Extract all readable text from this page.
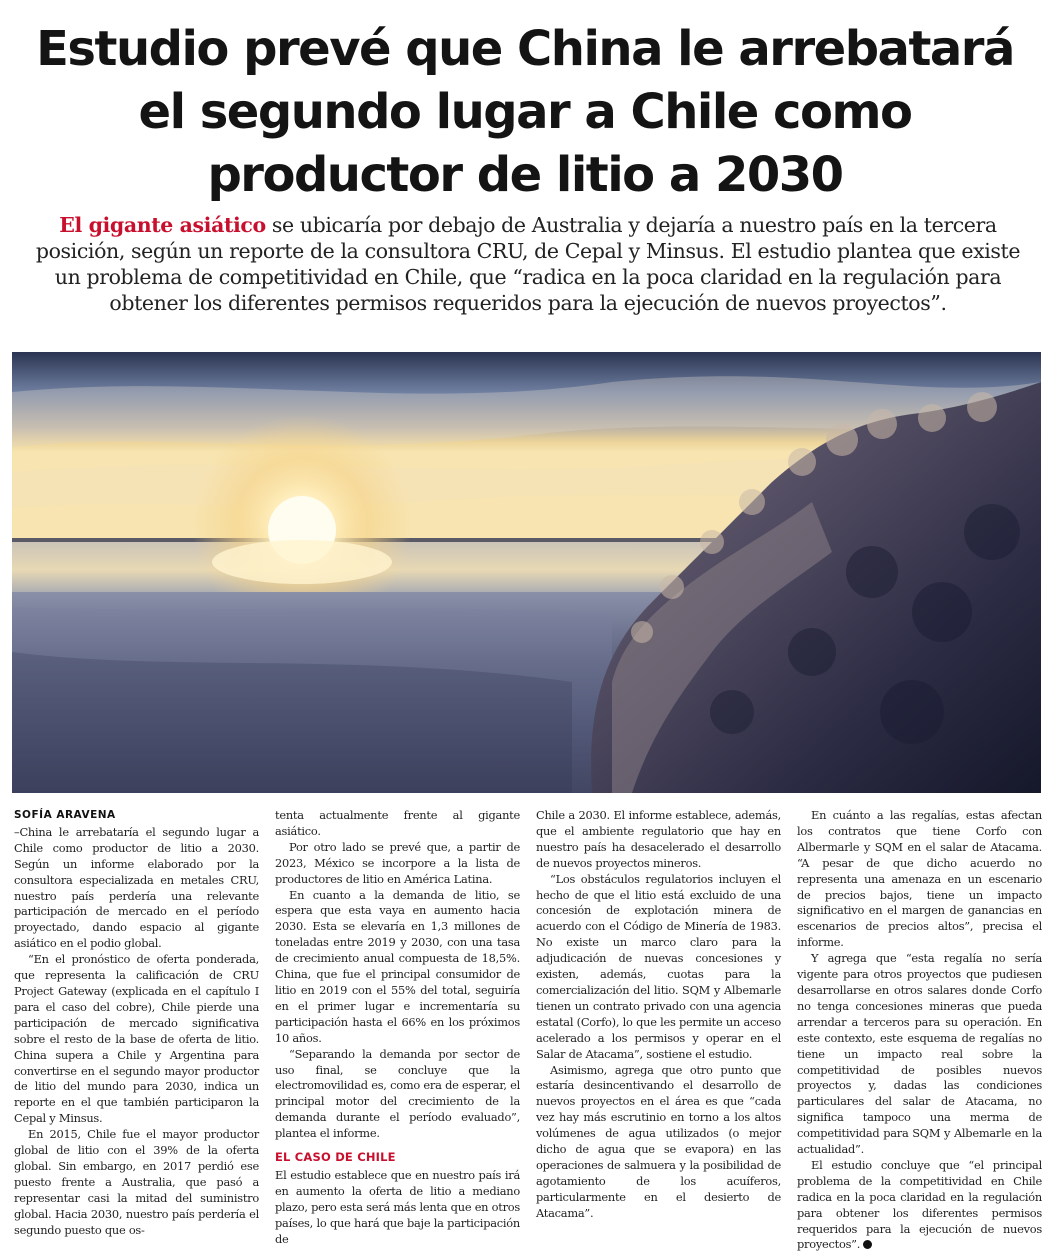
Estudio prevé que China le arrebatará el segundo lugar a Chile como productor de litio a 2030

El gigante asiático se ubicaría por debajo de Australia y dejaría a nuestro país en la tercera posición, según un reporte de la consultora CRU, de Cepal y Minsus. El estudio plantea que existe un problema de competitividad en Chile, que “radica en la poca claridad en la regulación para obtener los diferentes permisos requeridos para la ejecución de nuevos proyectos”.

SOFÍA ARAVENA

–China le arrebataría el segundo lugar a Chile como productor de litio a 2030. Según un informe elaborado por la consultora especializada en metales CRU, nuestro país perdería una relevante participación de mercado en el período proyectado, dando espacio al gigante asiático en el podio global.

“En el pronóstico de oferta ponderada, que representa la calificación de CRU Project Gateway (explicada en el capítulo I para el caso del cobre), Chile pierde una participación de mercado significativa sobre el resto de la base de oferta de litio. China supera a Chile y Argentina para convertirse en el segundo mayor productor de litio del mundo para 2030, indica un reporte en el que también participaron la Cepal y Minsus.

En 2015, Chile fue el mayor productor global de litio con el 39% de la oferta global. Sin embargo, en 2017 perdió ese puesto frente a Australia, que pasó a representar casi la mitad del suministro global. Hacia 2030, nuestro país perdería el segundo puesto que os-

tenta actualmente frente al gigante asiático.

Por otro lado se prevé que, a partir de 2023, México se incorpore a la lista de productores de litio en América Latina.

En cuanto a la demanda de litio, se espera que esta vaya en aumento hacia 2030. Esta se elevaría en 1,3 millones de toneladas entre 2019 y 2030, con una tasa de crecimiento anual compuesta de 18,5%. China, que fue el principal consumidor de litio en 2019 con el 55% del total, seguiría en el primer lugar e incrementaría su participación hasta el 66% en los próximos 10 años.

“Separando la demanda por sector de uso final, se concluye que la electromovilidad es, como era de esperar, el principal motor del crecimiento de la demanda durante el período evaluado”, plantea el informe.

EL CASO DE CHILE

El estudio establece que en nuestro país irá en aumento la oferta de litio a mediano plazo, pero esta será más lenta que en otros países, lo que hará que baje la participación de

Chile a 2030. El informe establece, además, que el ambiente regulatorio que hay en nuestro país ha desacelerado el desarrollo de nuevos proyectos mineros.

“Los obstáculos regulatorios incluyen el hecho de que el litio está excluido de una concesión de explotación minera de acuerdo con el Código de Minería de 1983. No existe un marco claro para la adjudicación de nuevas concesiones y existen, además, cuotas para la comercialización del litio. SQM y Albemarle tienen un contrato privado con una agencia estatal (Corfo), lo que les permite un acceso acelerado a los permisos y operar en el Salar de Atacama”, sostiene el estudio.

Asimismo, agrega que otro punto que estaría desincentivando el desarrollo de nuevos proyectos en el área es que “cada vez hay más escrutinio en torno a los altos volúmenes de agua utilizados (o mejor dicho de agua que se evapora) en las operaciones de salmuera y la posibilidad de agotamiento de los acuíferos, particularmente en el desierto de Atacama”.

En cuánto a las regalías, estas afectan los contratos que tiene Corfo con Albermarle y SQM en el salar de Atacama. “A pesar de que dicho acuerdo no representa una amenaza en un escenario de precios bajos, tiene un impacto significativo en el margen de ganancias en escenarios de precios altos”, precisa el informe.

Y agrega que “esta regalía no sería vigente para otros proyectos que pudiesen desarrollarse en otros salares donde Corfo no tenga concesiones mineras que pueda arrendar a terceros para su operación. En este contexto, este esquema de regalías no tiene un impacto real sobre la competitividad de posibles nuevos proyectos y, dadas las condiciones particulares del salar de Atacama, no significa tampoco una merma de competitividad para SQM y Albemarle en la actualidad”.

El estudio concluye que “el principal problema de la competitividad en Chile radica en la poca claridad en la regulación para obtener los diferentes permisos requeridos para la ejecución de nuevos proyectos”.
